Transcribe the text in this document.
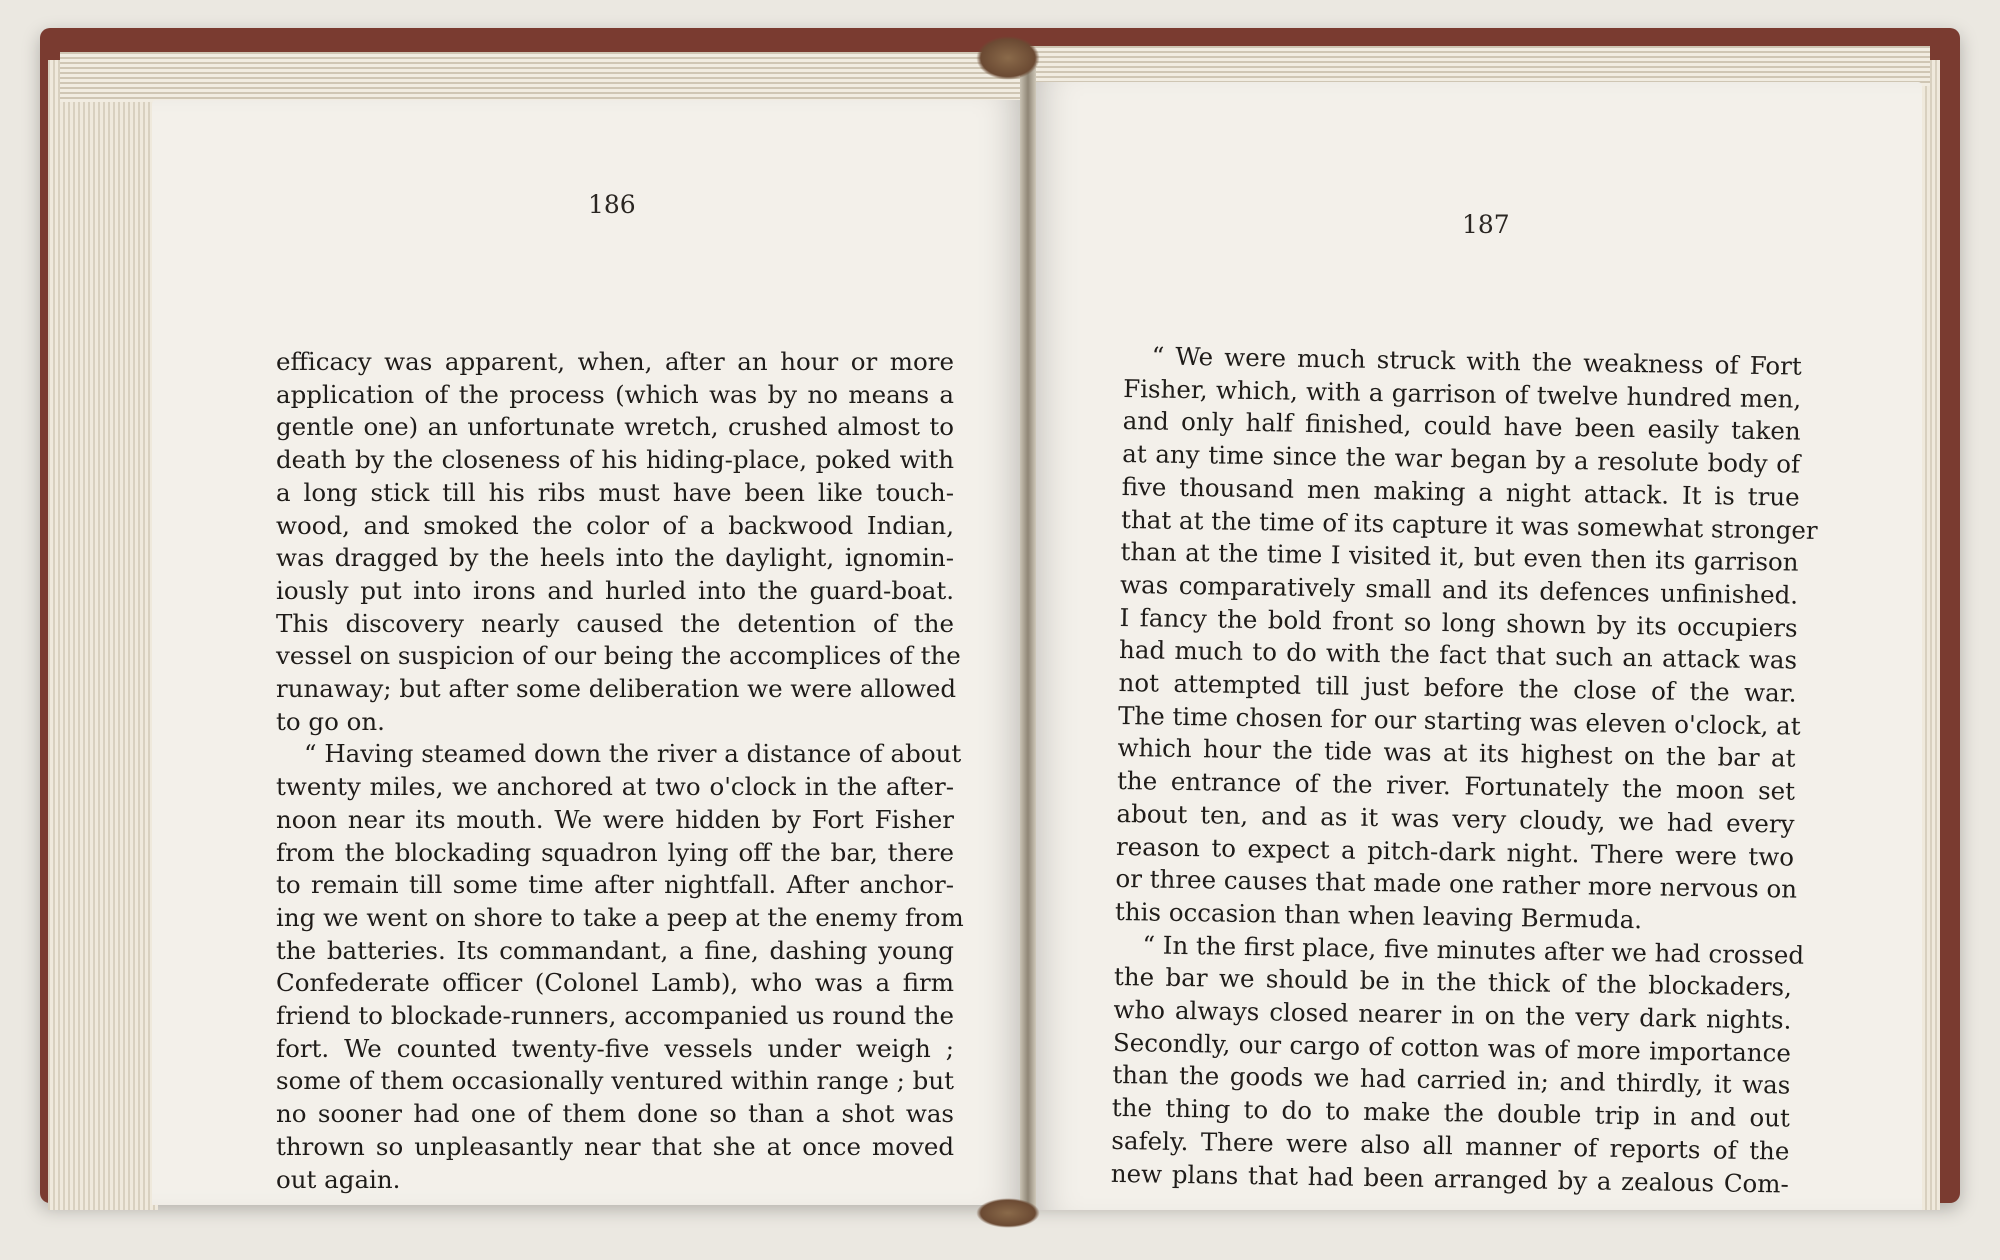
186

efficacy was apparent, when, after an hour or more

application of the process (which was by no means a

gentle one) an unfortunate wretch, crushed almost to

death by the closeness of his hiding-place, poked with

a long stick till his ribs must have been like touch-

wood, and smoked the color of a backwood Indian,

was dragged by the heels into the daylight, ignomin-

iously put into irons and hurled into the guard-boat.

This discovery nearly caused the detention of the

vessel on suspicion of our being the accomplices of the

runaway; but after some deliberation we were allowed

to go on.

“ Having steamed down the river a distance of about

twenty miles, we anchored at two o'clock in the after-

noon near its mouth. We were hidden by Fort Fisher

from the blockading squadron lying off the bar, there

to remain till some time after nightfall. After anchor-

ing we went on shore to take a peep at the enemy from

the batteries. Its commandant, a fine, dashing young

Confederate officer (Colonel Lamb), who was a firm

friend to blockade-runners, accompanied us round the

fort. We counted twenty-five vessels under weigh ;

some of them occasionally ventured within range ; but

no sooner had one of them done so than a shot was

thrown so unpleasantly near that she at once moved

out again.

187

“ We were much struck with the weakness of Fort

Fisher, which, with a garrison of twelve hundred men,

and only half finished, could have been easily taken

at any time since the war began by a resolute body of

five thousand men making a night attack. It is true

that at the time of its capture it was somewhat stronger

than at the time I visited it, but even then its garrison

was comparatively small and its defences unfinished.

I fancy the bold front so long shown by its occupiers

had much to do with the fact that such an attack was

not attempted till just before the close of the war.

The time chosen for our starting was eleven o'clock, at

which hour the tide was at its highest on the bar at

the entrance of the river. Fortunately the moon set

about ten, and as it was very cloudy, we had every

reason to expect a pitch-dark night. There were two

or three causes that made one rather more nervous on

this occasion than when leaving Bermuda.

“ In the first place, five minutes after we had crossed

the bar we should be in the thick of the blockaders,

who always closed nearer in on the very dark nights.

Secondly, our cargo of cotton was of more importance

than the goods we had carried in; and thirdly, it was

the thing to do to make the double trip in and out

safely. There were also all manner of reports of the

new plans that had been arranged by a zealous Com-
